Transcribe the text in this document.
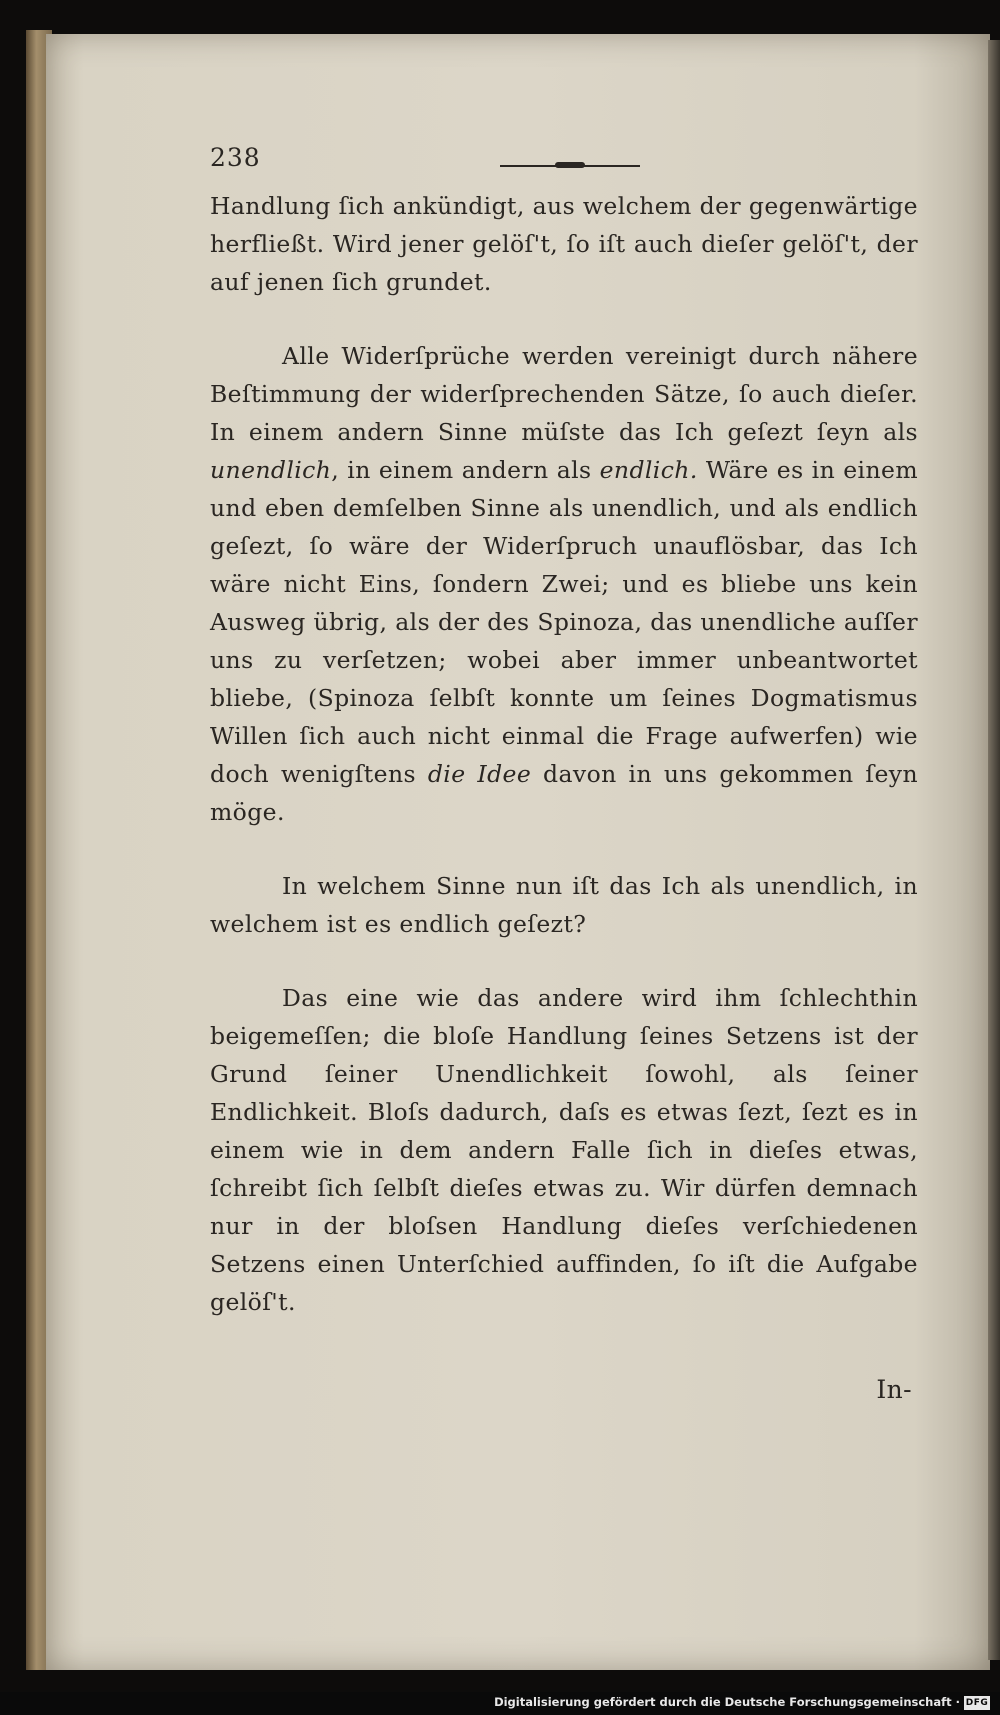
238

Handlung ſich ankündigt, aus welchem der gegenwärtige herfließt. Wird jener gelöſ't, ſo iſt auch dieſer gelöſ't, der auf jenen ſich grundet.

Alle Widerſprüche werden vereinigt durch nähere Beſtimmung der widerſprechenden Sätze, ſo auch dieſer. In einem andern Sinne müſste das Ich geſezt ſeyn als unendlich, in einem andern als endlich. Wäre es in einem und eben demſelben Sinne als unendlich, und als endlich geſezt, ſo wäre der Widerſpruch unauflösbar, das Ich wäre nicht Eins, ſondern Zwei; und es bliebe uns kein Ausweg übrig, als der des Spinoza, das unendliche auſſer uns zu verſetzen; wobei aber immer unbeantwortet bliebe, (Spinoza ſelbſt konnte um ſeines Dogmatismus Willen ſich auch nicht einmal die Frage aufwerfen) wie doch wenigſtens die Idee davon in uns gekommen ſeyn möge.

In welchem Sinne nun iſt das Ich als unendlich, in welchem ist es endlich geſezt?

Das eine wie das andere wird ihm ſchlechthin beigemeſſen; die bloſe Handlung ſeines Setzens ist der Grund ſeiner Unendlichkeit ſowohl, als ſeiner Endlichkeit. Bloſs dadurch, daſs es etwas ſezt, ſezt es in einem wie in dem andern Falle ſich in dieſes etwas, ſchreibt ſich ſelbſt dieſes etwas zu. Wir dürfen demnach nur in der bloſsen Handlung dieſes verſchiedenen Setzens einen Unterſchied auffinden, ſo iſt die Aufgabe gelöſ't.

In-
Digitalisierung gefördert durch die Deutsche Forschungsgemeinschaft · DFG
